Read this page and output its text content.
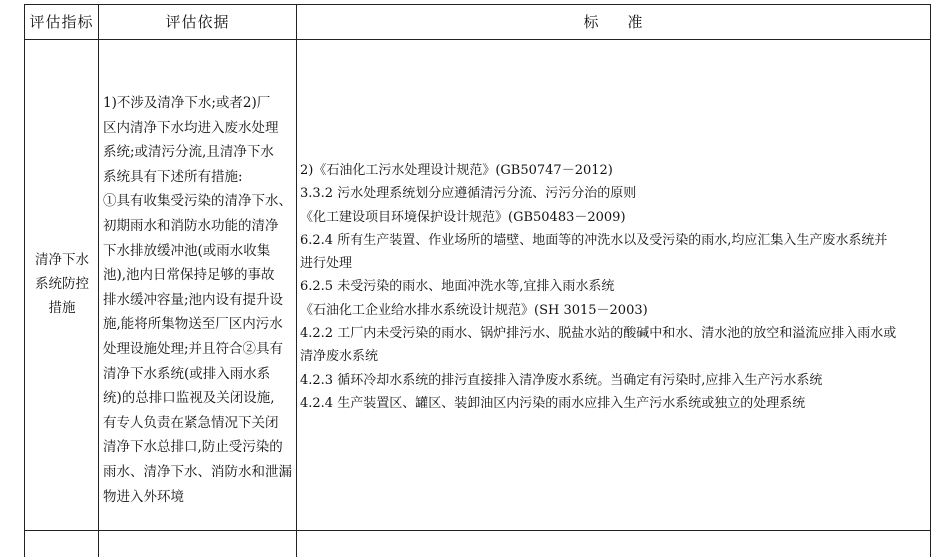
评估指标	评估依据	标 准
清净下水
系统防控
措施
1)不涉及清净下水;或者2)厂
区内清净下水均进入废水处理
系统;或清污分流,且清净下水
系统具有下述所有措施:
①具有收集受污染的清净下水、
初期雨水和消防水功能的清净
下水排放缓冲池(或雨水收集
池),池内日常保持足够的事故
排水缓冲容量;池内设有提升设
施,能将所集物送至厂区内污水
处理设施处理;并且符合②具有
清净下水系统(或排入雨水系
统)的总排口监视及关闭设施,
有专人负责在紧急情况下关闭
清净下水总排口,防止受污染的
雨水、清净下水、消防水和泄漏
物进入外环境
2)《石油化工污水处理设计规范》(GB50747－2012)
3.3.2 污水处理系统划分应遵循清污分流、污污分治的原则
《化工建设项目环境保护设计规范》(GB50483－2009)
6.2.4 所有生产装置、作业场所的墙壁、地面等的冲洗水以及受污染的雨水,均应汇集入生产废水系统并
进行处理
6.2.5 未受污染的雨水、地面冲洗水等,宜排入雨水系统
《石油化工企业给水排水系统设计规范》(SH 3015－2003)
4.2.2 工厂内未受污染的雨水、锅炉排污水、脱盐水站的酸碱中和水、清水池的放空和溢流应排入雨水或
清净废水系统
4.2.3 循环冷却水系统的排污直接排入清净废水系统。当确定有污染时,应排入生产污水系统
4.2.4 生产装置区、罐区、装卸油区内污染的雨水应排入生产污水系统或独立的处理系统
